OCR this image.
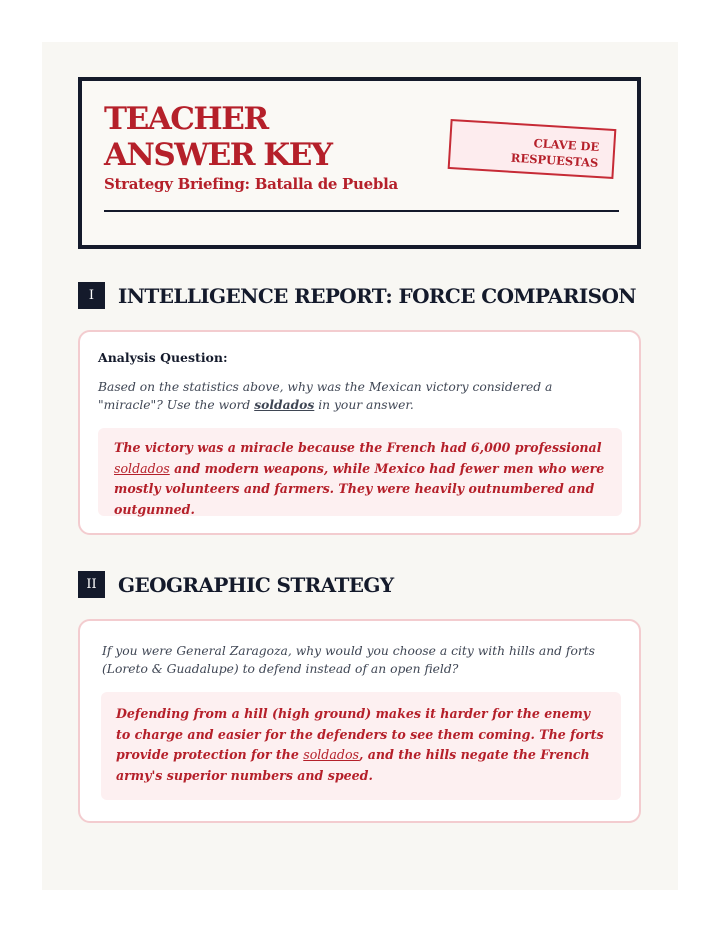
TEACHER ANSWER KEY

Strategy Briefing: Batalla de Puebla

CLAVE DE
RESPUESTAS
I	INTELLIGENCE REPORT: FORCE COMPARISON

Analysis Question:

Based on the statistics above, why was the Mexican victory considered a "miracle"? Use the word soldados in your answer.

The victory was a miracle because the French had 6,000 professional soldados and modern weapons, while Mexico had fewer men who were mostly volunteers and farmers. They were heavily outnumbered and outgunned.
II	GEOGRAPHIC STRATEGY

If you were General Zaragoza, why would you choose a city with hills and forts (Loreto & Guadalupe) to defend instead of an open field?

Defending from a hill (high ground) makes it harder for the enemy to charge and easier for the defenders to see them coming. The forts provide protection for the soldados, and the hills negate the French army's superior numbers and speed.
